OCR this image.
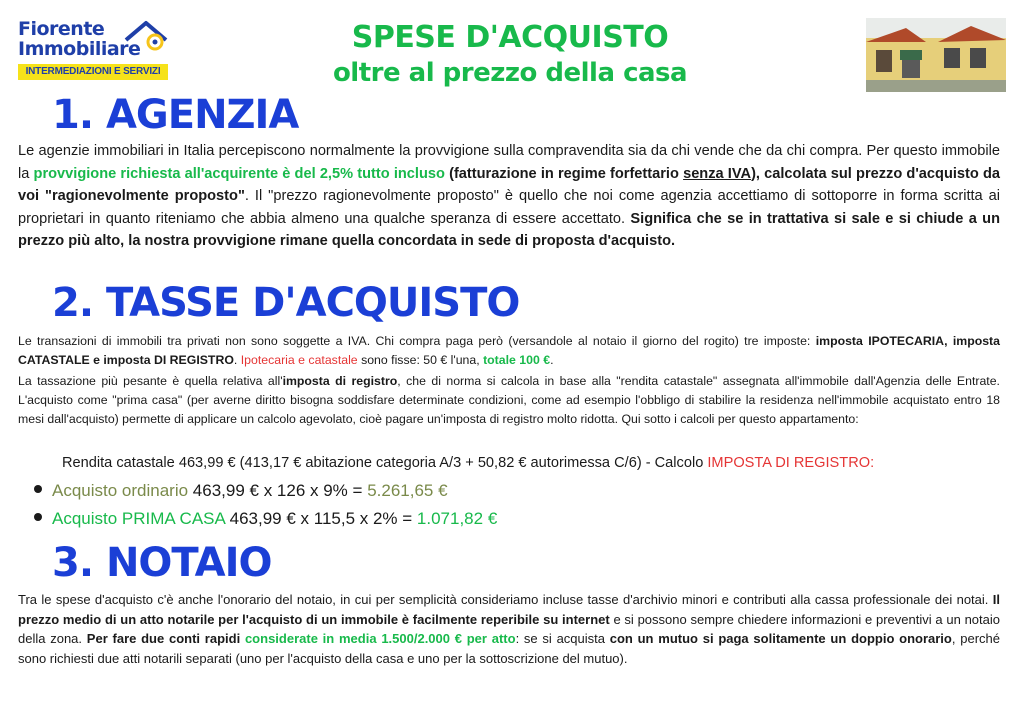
Fiorente
Immobiliare
INTERMEDIAZIONI E SERVIZI
SPESE D'ACQUISTO
oltre al prezzo della casa
1. AGENZIA
Le agenzie immobiliari in Italia percepiscono normalmente la provvigione sulla compravendita sia da chi vende che da chi compra. Per questo immobile la provvigione richiesta all'acquirente è del 2,5% tutto incluso (fatturazione in regime forfettario senza IVA), calcolata sul prezzo d'acquisto da voi "ragionevolmente proposto". Il "prezzo ragionevolmente proposto" è quello che noi come agenzia accettiamo di sottoporre in forma scritta ai proprietari in quanto riteniamo che abbia almeno una qualche speranza di essere accettato. Significa che se in trattativa si sale e si chiude a un prezzo più alto, la nostra provvigione rimane quella concordata in sede di proposta d'acquisto.
2. TASSE D'ACQUISTO
Le transazioni di immobili tra privati non sono soggette a IVA. Chi compra paga però (versandole al notaio il giorno del rogito) tre imposte: imposta IPOTECARIA, imposta CATASTALE e imposta DI REGISTRO. Ipotecaria e catastale sono fisse: 50 € l'una, totale 100 €.
La tassazione più pesante è quella relativa all'imposta di registro, che di norma si calcola in base alla "rendita catastale" assegnata all'immobile dall'Agenzia delle Entrate. L'acquisto come "prima casa" (per averne diritto bisogna soddisfare determinate condizioni, come ad esempio l'obbligo di stabilire la residenza nell'immobile acquistato entro 18 mesi dall'acquisto) permette di applicare un calcolo agevolato, cioè pagare un'imposta di registro molto ridotta. Qui sotto i calcoli per questo appartamento:
Rendita catastale 463,99 € (413,17 € abitazione categoria A/3 + 50,82 € autorimessa C/6) - Calcolo IMPOSTA DI REGISTRO:
Acquisto ordinario 463,99 € x 126 x 9% = 5.261,65 €
Acquisto PRIMA CASA 463,99 € x 115,5 x 2% = 1.071,82 €
3. NOTAIO
Tra le spese d'acquisto c'è anche l'onorario del notaio, in cui per semplicità consideriamo incluse tasse d'archivio minori e contributi alla cassa professionale dei notai. Il prezzo medio di un atto notarile per l'acquisto di un immobile è facilmente reperibile su internet e si possono sempre chiedere informazioni e preventivi a un notaio della zona. Per fare due conti rapidi considerate in media 1.500/2.000 € per atto: se si acquista con un mutuo si paga solitamente un doppio onorario, perché sono richiesti due atti notarili separati (uno per l'acquisto della casa e uno per la sottoscrizione del mutuo).
